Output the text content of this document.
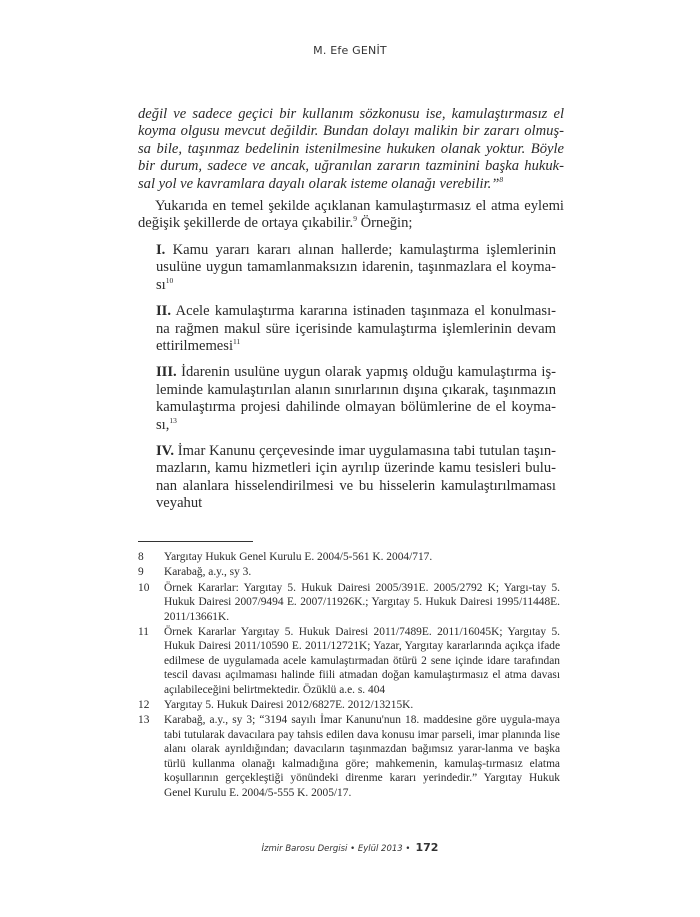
M. Efe GENİT
değil ve sadece geçici bir kullanım sözkonusu ise, kamulaştırmasız el koyma olgusu mevcut değildir. Bundan dolayı malikin bir zararı olmuş-sa bile, taşınmaz bedelinin istenilmesine hukuken olanak yoktur. Böyle bir durum, sadece ve ancak, uğranılan zararın tazminini başka hukuk-sal yol ve kavramlara dayalı olarak isteme olanağı verebilir.”$^8$
Yukarıda en temel şekilde açıklanan kamulaştırmasız el atma eylemi değişik şekillerde de ortaya çıkabilir.$^9$ Örneğin;
I. Kamu yararı kararı alınan hallerde; kamulaştırma işlemlerinin usulüne uygun tamamlanmaksızın idarenin, taşınmazlara el koyma-$sı^{10}$
II. Acele kamulaştırma kararına istinaden taşınmaza el konulması-na rağmen makul süre içerisinde kamulaştırma işlemlerinin devam ettirilmemesi$^{11}$
III. İdarenin usulüne uygun olarak yapmış olduğu kamulaştırma iş-leminde kamulaştırılan alanın sınırlarının dışına çıkarak, taşınmazın kamulaştırma projesi dahilinde olmayan bölümlerine de el koyma-sı,$^{13}$
IV. İmar Kanunu çerçevesinde imar uygulamasına tabi tutulan taşın-mazların, kamu hizmetleri için ayrılıp üzerinde kamu tesisleri bulu-nan alanlara hisselendirilmesi ve bu hisselerin kamulaştırılmaması veyahut
8	Yargıtay Hukuk Genel Kurulu E. 2004/5-561 K. 2004/717.
9	Karabağ, a.y., sy 3.
10	Örnek Kararlar: Yargıtay 5. Hukuk Dairesi 2005/391E. 2005/2792 K; Yargı-tay 5. Hukuk Dairesi 2007/9494 E. 2007/11926K.; Yargıtay 5. Hukuk Dairesi 1995/11448E. 2011/13661K.
11	Örnek Kararlar Yargıtay 5. Hukuk Dairesi 2011/7489E. 2011/16045K; Yargıtay 5. Hukuk Dairesi 2011/10590 E. 2011/12721K; Yazar, Yargıtay kararlarında açıkça ifade edilmese de uygulamada acele kamulaştırmadan ötürü 2 sene içinde idare tarafından tescil davası açılmaması halinde fiili atmadan doğan kamulaştırmasız el atma davası açılabileceğini belirtmektedir. Özüklü a.e. s. 404
12	Yargıtay 5. Hukuk Dairesi 2012/6827E. 2012/13215K.
13	Karabağ, a.y., sy 3; “3194 sayılı İmar Kanunu'nun 18. maddesine göre uygula-maya tabi tutularak davacılara pay tahsis edilen dava konusu imar parseli, imar planında lise alanı olarak ayrıldığından; davacıların taşınmazdan bağımsız yarar-lanma ve başka türlü kullanma olanağı kalmadığına göre; mahkemenin, kamulaş-tırmasız elatma koşullarının gerçekleştiği yönündeki direnme kararı yerindedir.” Yargıtay Hukuk Genel Kurulu E. 2004/5-555 K. 2005/17.
İzmir Barosu Dergisi • Eylül 2013 • 172
